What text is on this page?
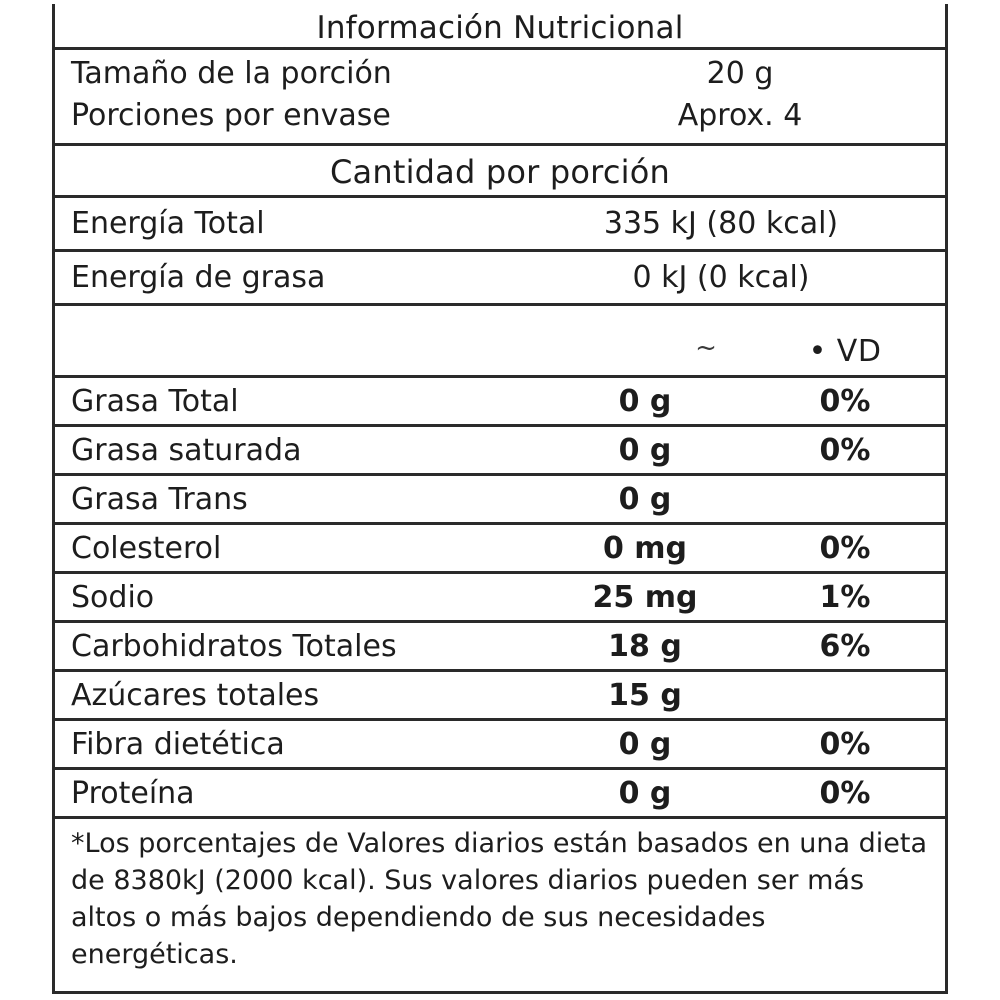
Información Nutricional
Tamaño de la porción	20 g
Porciones por envase	Aprox. 4
Cantidad por porción
Energía Total	335 kJ (80 kcal)
Energía de grasa	0 kJ (0 kcal)
~	• VD
Grasa Total	0 g	0%
Grasa saturada	0 g	0%
Grasa Trans	0 g
Colesterol	0 mg	0%
Sodio	25 mg	1%
Carbohidratos Totales	18 g	6%
Azúcares totales	15 g
Fibra dietética	0 g	0%
Proteína	0 g	0%
*Los porcentajes de Valores diarios están basados en una dieta de 8380kJ (2000 kcal). Sus valores diarios pueden ser más altos o más bajos dependiendo de sus necesidades energéticas.
